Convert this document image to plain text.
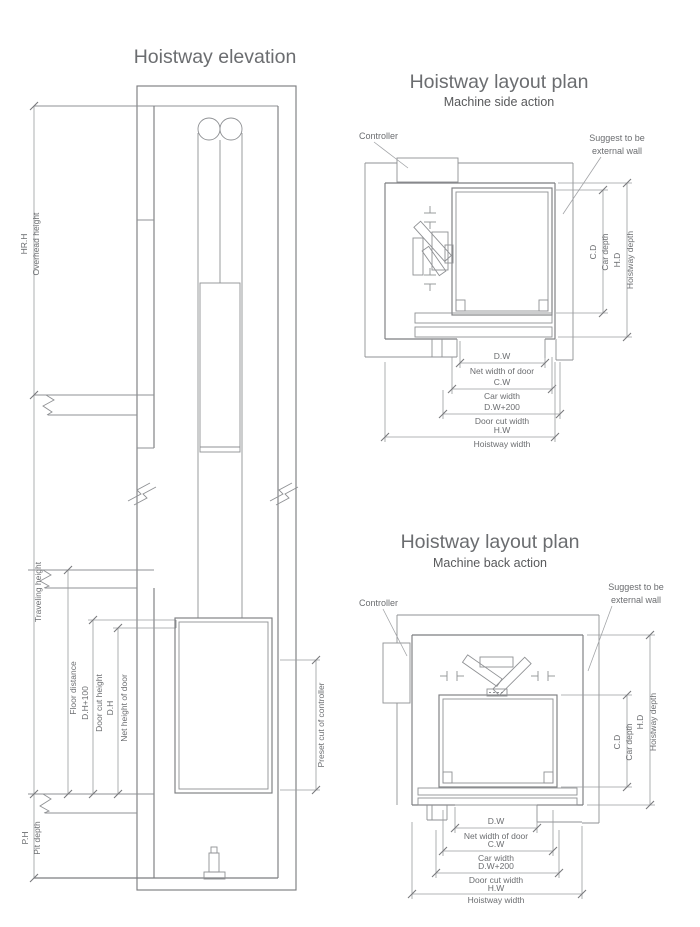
Hoistway elevation
Preset cut of controller
HR.H Overhead height
Traveling height
Floor distance D.H+100 Door cut height D.H Net height of door
P.H Pit depth
Hoistway layout plan
Machine side action
Controller	Suggest to be
external wall
C.D Car depth H.D Hoistway depth
D.W
Net width of door
C.W
Car width
D.W+200
Door cut width
H.W
Hoistway width
Hoistway layout plan
Machine back action
Controller
Suggest to be
external wall
C.D Car depth
H.D Hoistway depth
D.W
Net width of door
C.W
Car width
D.W+200
Door cut width
H.W
Hoistway width
